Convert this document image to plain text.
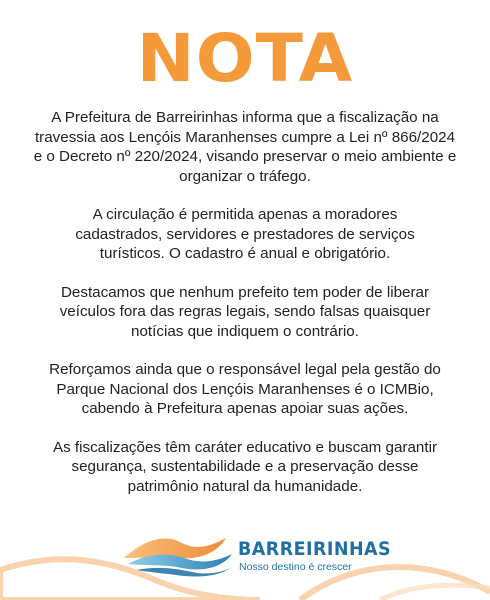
NOTA

A Prefeitura de Barreirinhas informa que a fiscalização na travessia aos Lençóis Maranhenses cumpre a Lei nº 866/2024 e o Decreto nº 220/2024, visando preservar o meio ambiente e organizar o tráfego.

A circulação é permitida apenas a moradores cadastrados, servidores e prestadores de serviços turísticos. O cadastro é anual e obrigatório.

Destacamos que nenhum prefeito tem poder de liberar veículos fora das regras legais, sendo falsas quaisquer notícias que indiquem o contrário.

Reforçamos ainda que o responsável legal pela gestão do Parque Nacional dos Lençóis Maranhenses é o ICMBio, cabendo à Prefeitura apenas apoiar suas ações.

As fiscalizações têm caráter educativo e buscam garantir segurança, sustentabilidade e a preservação desse patrimônio natural da humanidade.

BARREIRINHAS
Nosso destino é crescer
